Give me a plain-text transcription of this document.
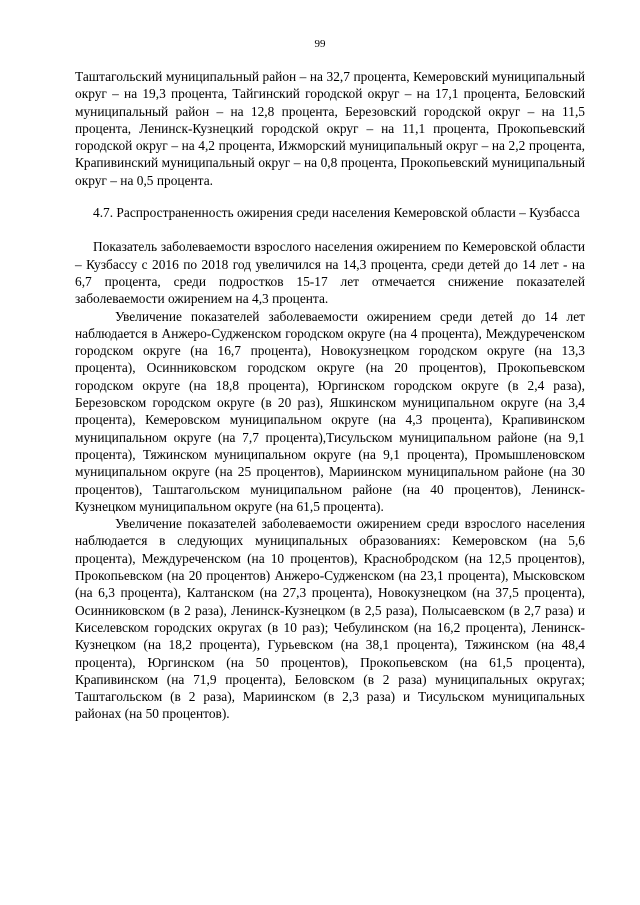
99

Таштагольский муниципальный район – на 32,7 процента, Кемеровский муниципальный округ – на 19,3 процента, Тайгинский городской округ – на 17,1 процента, Беловский муниципальный район – на 12,8 процента, Березовский городской округ – на 11,5 процента, Ленинск-Кузнецкий городской округ – на 11,1 процента, Прокопьевский городской округ – на 4,2 процента, Ижморский муниципальный округ – на 2,2 процента, Крапивинский муниципальный округ – на 0,8 процента, Прокопьевский муниципальный округ – на 0,5 процента.

4.7. Распространенность ожирения среди населения Кемеровской области – Кузбасса

Показатель заболеваемости взрослого населения ожирением по Кемеровской области – Кузбассу с 2016 по 2018 год увеличился на 14,3 процента, среди детей до 14 лет - на 6,7 процента, среди подростков 15-17 лет отмечается снижение показателей заболеваемости ожирением на 4,3 процента.

Увеличение показателей заболеваемости ожирением среди детей до 14 лет наблюдается в Анжеро-Судженском городском округе (на 4 процента), Междуреченском городском округе (на 16,7 процента), Новокузнецком городском округе (на 13,3 процента), Осинниковском городском округе (на 20 процентов), Прокопьевском городском округе (на 18,8 процента), Юргинском городском округе (в 2,4 раза), Березовском городском округе (в 20 раз), Яшкинском муниципальном округе (на 3,4 процента), Кемеровском муниципальном округе (на 4,3 процента), Крапивинском муниципальном округе (на 7,7 процента),Тисульском муниципальном районе (на 9,1 процента), Тяжинском муниципальном округе (на 9,1 процента), Промышленовском муниципальном округе (на 25 процентов), Мариинском муниципальном районе (на 30 процентов), Таштагольском муниципальном районе (на 40 процентов), Ленинск-Кузнецком муниципальном округе (на 61,5 процента).

Увеличение показателей заболеваемости ожирением среди взрослого населения наблюдается в следующих муниципальных образованиях: Кемеровском (на 5,6 процента), Междуреченском (на 10 процентов), Краснобродском (на 12,5 процентов), Прокопьевском (на 20 процентов) Анжеро-Судженском (на 23,1 процента), Мысковском (на 6,3 процента), Калтанском (на 27,3 процента), Новокузнецком (на 37,5 процента), Осинниковском (в 2 раза), Ленинск-Кузнецком (в 2,5 раза), Полысаевском (в 2,7 раза) и Киселевском городских округах (в 10 раз); Чебулинском (на 16,2 процента), Ленинск-Кузнецком (на 18,2 процента), Гурьевском (на 38,1 процента), Тяжинском (на 48,4 процента), Юргинском (на 50 процентов), Прокопьевском (на 61,5 процента), Крапивинском (на 71,9 процента), Беловском (в 2 раза) муниципальных округах; Таштагольском (в 2 раза), Мариинском (в 2,3 раза) и Тисульском муниципальных районах (на 50 процентов).
